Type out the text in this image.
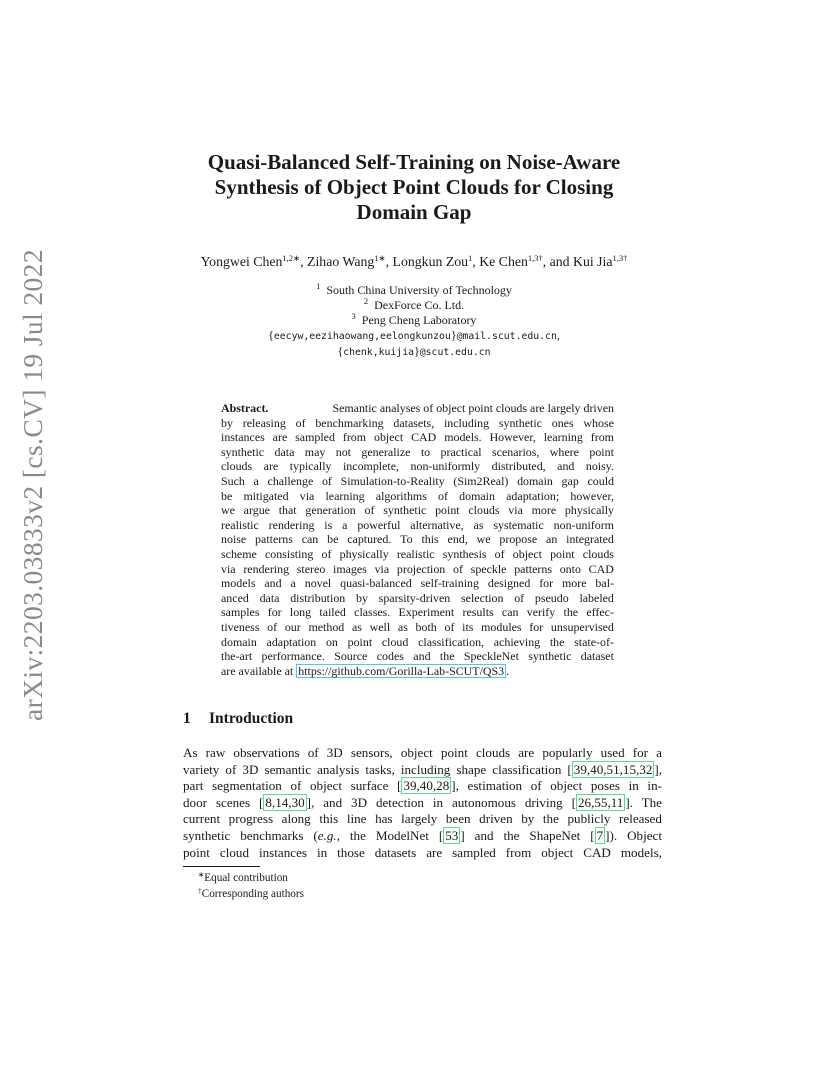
arXiv:2203.03833v2 [cs.CV] 19 Jul 2022
Quasi-Balanced Self-Training on Noise-Aware
Synthesis of Object Point Clouds for Closing
Domain Gap
Yongwei Chen$^{1,2∗}$, Zihao Wang$^{1∗}$, Longkun Zou$^1$, Ke Chen$^{1,3\dagger}$, and Kui Jia$^{1,3\dagger}$
$^1$ South China University of Technology
$^2$ DexForce Co. Ltd.
$^3$ Peng Cheng Laboratory
{eecyw,eezihaowang,eelongkunzou}@mail.scut.edu.cn,
{chenk,kuijia}@scut.edu.cn
Abstract.	Semantic analyses of object point clouds are largely driven
by releasing of benchmarking datasets, including synthetic ones whose
instances are sampled from object CAD models. However, learning from
synthetic data may not generalize to practical scenarios, where point
clouds are typically incomplete, non-uniformly distributed, and noisy.
Such a challenge of Simulation-to-Reality (Sim2Real) domain gap could
be mitigated via learning algorithms of domain adaptation; however,
we argue that generation of synthetic point clouds via more physically
realistic rendering is a powerful alternative, as systematic non-uniform
noise patterns can be captured. To this end, we propose an integrated
scheme consisting of physically realistic synthesis of object point clouds
via rendering stereo images via projection of speckle patterns onto CAD
models and a novel quasi-balanced self-training designed for more bal-
anced data distribution by sparsity-driven selection of pseudo labeled
samples for long tailed classes. Experiment results can verify the effec-
tiveness of our method as well as both of its modules for unsupervised
domain adaptation on point cloud classification, achieving the state-of-
the-art performance. Source codes and the SpeckleNet synthetic dataset
are available at
https://github.com/Gorilla-Lab-SCUT/QS3 .
1 Introduction
As raw observations of 3D sensors, object point clouds are popularly used for a
variety of 3D semantic analysis tasks, including shape classification [ 39,40,51,15,32 ],
part segmentation of object surface [ 39,40,28 ], estimation of object poses in in-
door scenes [ 8,14,30 ], and 3D detection in autonomous driving [ 26,55,11 ]. The
current progress along this line has largely been driven by the publicly released
synthetic benchmarks (e.g., the ModelNet [ 53 ] and the ShapeNet [ 7 ]). Object
point cloud instances in those datasets are sampled from object CAD models,
∗Equal contribution
†Corresponding authors
